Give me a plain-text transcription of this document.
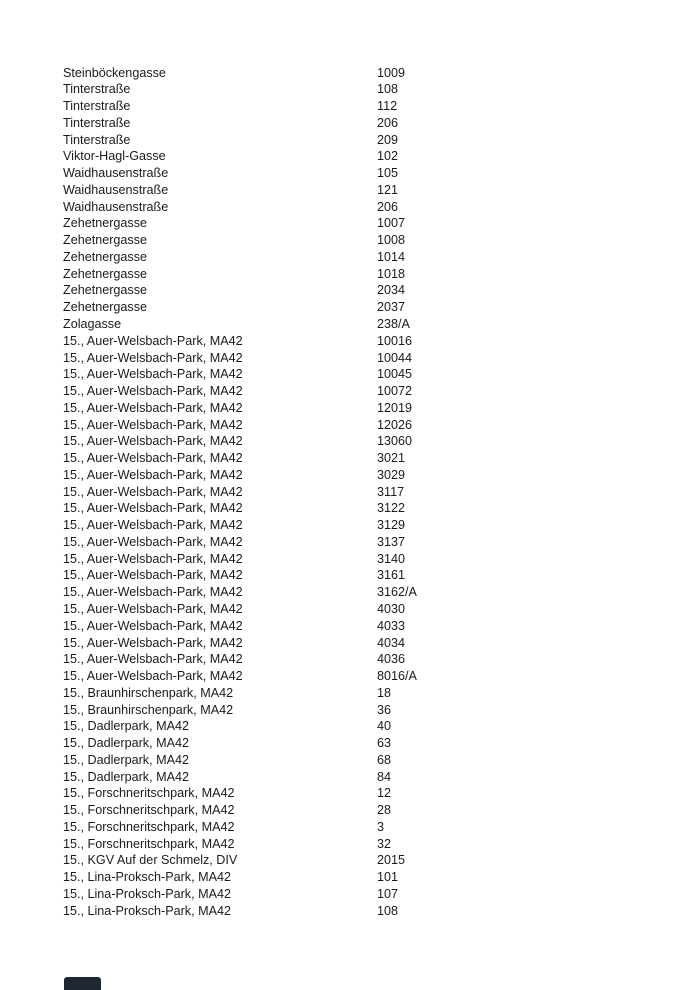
Steinböckengasse	1009
Tinterstraße	108
Tinterstraße	112
Tinterstraße	206
Tinterstraße	209
Viktor-Hagl-Gasse	102
Waidhausenstraße	105
Waidhausenstraße	121
Waidhausenstraße	206
Zehetnergasse	1007
Zehetnergasse	1008
Zehetnergasse	1014
Zehetnergasse	1018
Zehetnergasse	2034
Zehetnergasse	2037
Zolagasse	238/A
15., Auer-Welsbach-Park, MA42	10016
15., Auer-Welsbach-Park, MA42	10044
15., Auer-Welsbach-Park, MA42	10045
15., Auer-Welsbach-Park, MA42	10072
15., Auer-Welsbach-Park, MA42	12019
15., Auer-Welsbach-Park, MA42	12026
15., Auer-Welsbach-Park, MA42	13060
15., Auer-Welsbach-Park, MA42	3021
15., Auer-Welsbach-Park, MA42	3029
15., Auer-Welsbach-Park, MA42	3117
15., Auer-Welsbach-Park, MA42	3122
15., Auer-Welsbach-Park, MA42	3129
15., Auer-Welsbach-Park, MA42	3137
15., Auer-Welsbach-Park, MA42	3140
15., Auer-Welsbach-Park, MA42	3161
15., Auer-Welsbach-Park, MA42	3162/A
15., Auer-Welsbach-Park, MA42	4030
15., Auer-Welsbach-Park, MA42	4033
15., Auer-Welsbach-Park, MA42	4034
15., Auer-Welsbach-Park, MA42	4036
15., Auer-Welsbach-Park, MA42	8016/A
15., Braunhirschenpark, MA42	18
15., Braunhirschenpark, MA42	36
15., Dadlerpark, MA42	40
15., Dadlerpark, MA42	63
15., Dadlerpark, MA42	68
15., Dadlerpark, MA42	84
15., Forschneritschpark, MA42	12
15., Forschneritschpark, MA42	28
15., Forschneritschpark, MA42	3
15., Forschneritschpark, MA42	32
15., KGV Auf der Schmelz, DIV	2015
15., Lina-Proksch-Park, MA42	101
15., Lina-Proksch-Park, MA42	107
15., Lina-Proksch-Park, MA42	108
